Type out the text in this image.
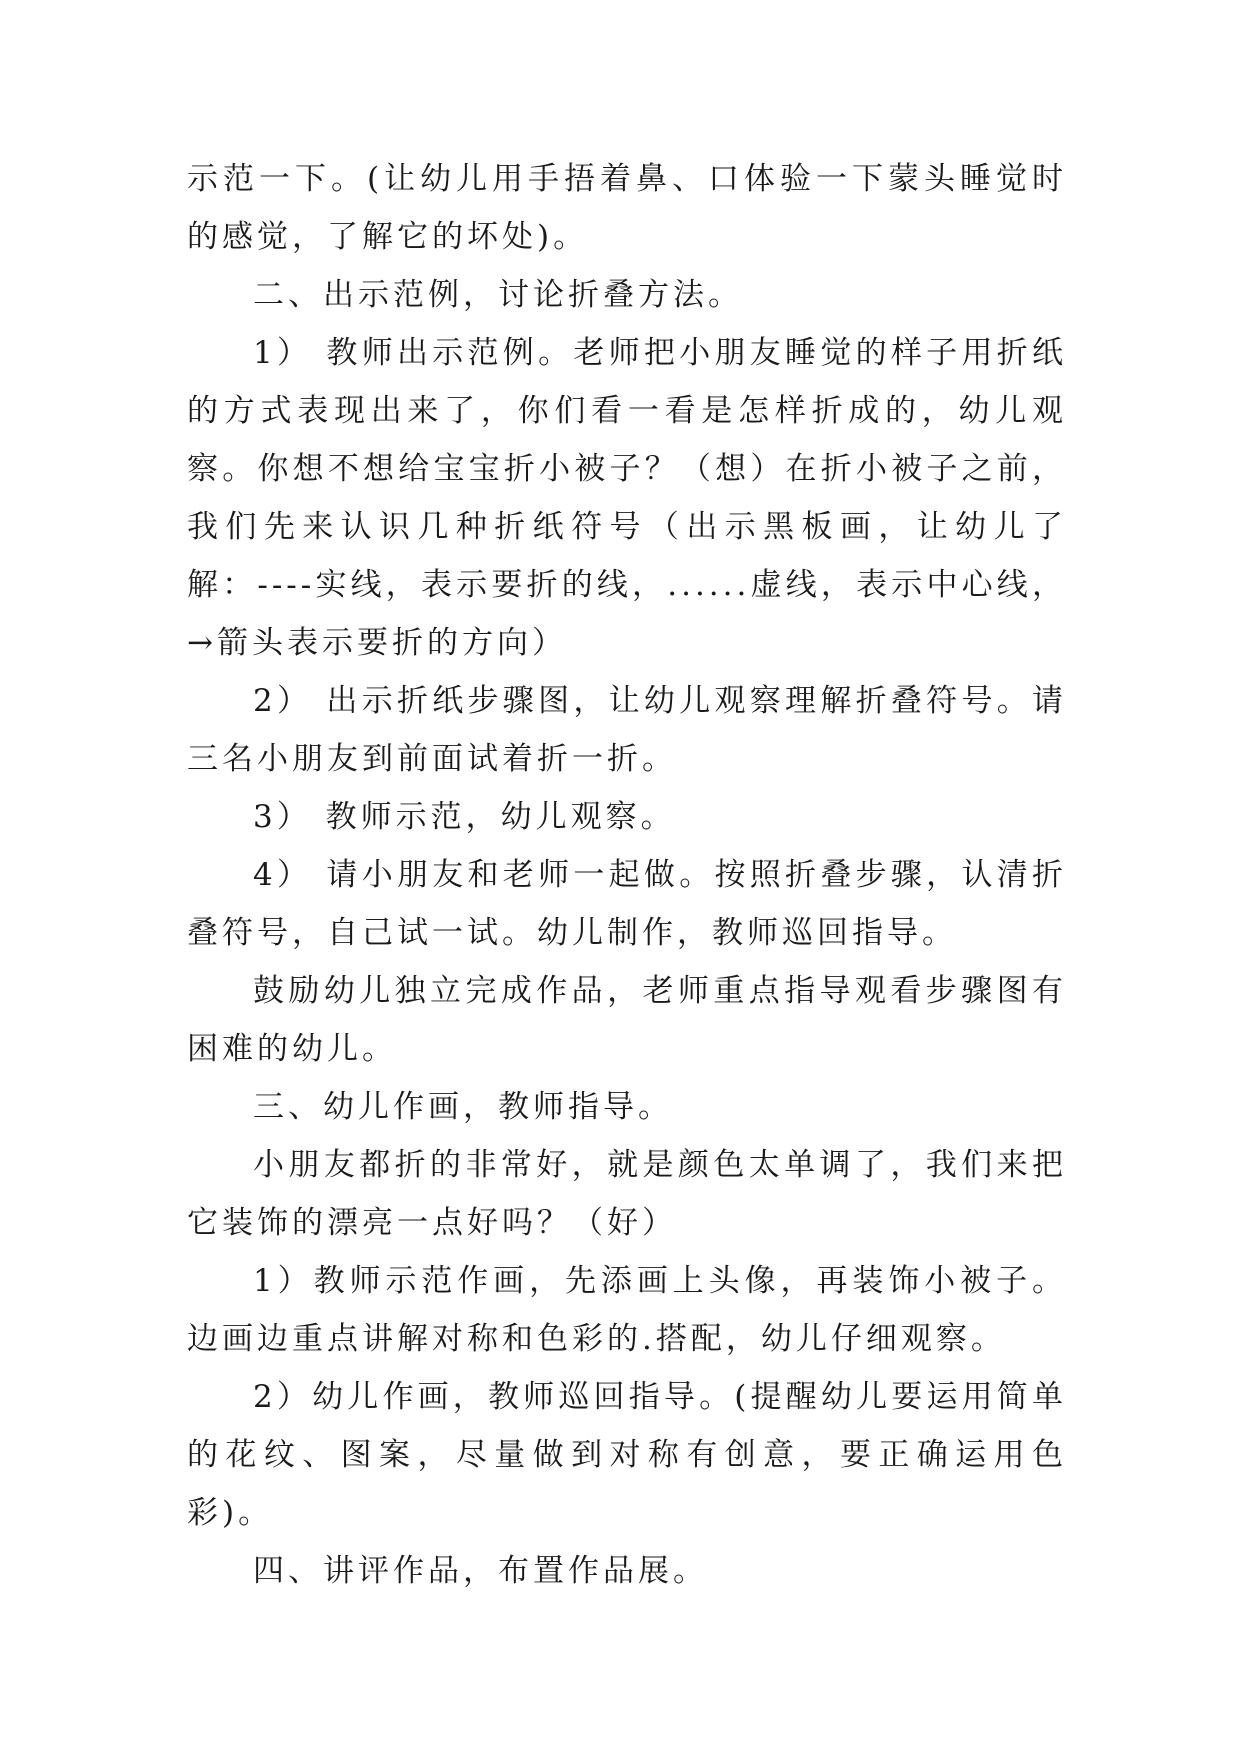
示范一下。(让幼儿用手捂着鼻、口体验一下蒙头睡觉时的感觉，了解它的坏处)。

二、出示范例，讨论折叠方法。

1） 教师出示范例。老师把小朋友睡觉的样子用折纸的方式表现出来了，你们看一看是怎样折成的，幼儿观察。你想不想给宝宝折小被子？（想）在折小被子之前，我们先来认识几种折纸符号（出示黑板画，让幼儿了解：----实线，表示要折的线，......虚线，表示中心线，→箭头表示要折的方向）

2） 出示折纸步骤图，让幼儿观察理解折叠符号。请三名小朋友到前面试着折一折。

3） 教师示范，幼儿观察。

4） 请小朋友和老师一起做。按照折叠步骤，认清折叠符号，自己试一试。幼儿制作，教师巡回指导。

鼓励幼儿独立完成作品，老师重点指导观看步骤图有困难的幼儿。

三、幼儿作画，教师指导。

小朋友都折的非常好，就是颜色太单调了，我们来把它装饰的漂亮一点好吗？（好）

1）教师示范作画，先添画上头像，再装饰小被子。边画边重点讲解对称和色彩的.搭配，幼儿仔细观察。

2）幼儿作画，教师巡回指导。(提醒幼儿要运用简单的花纹、图案，尽量做到对称有创意，要正确运用色彩)。

四、讲评作品，布置作品展。
